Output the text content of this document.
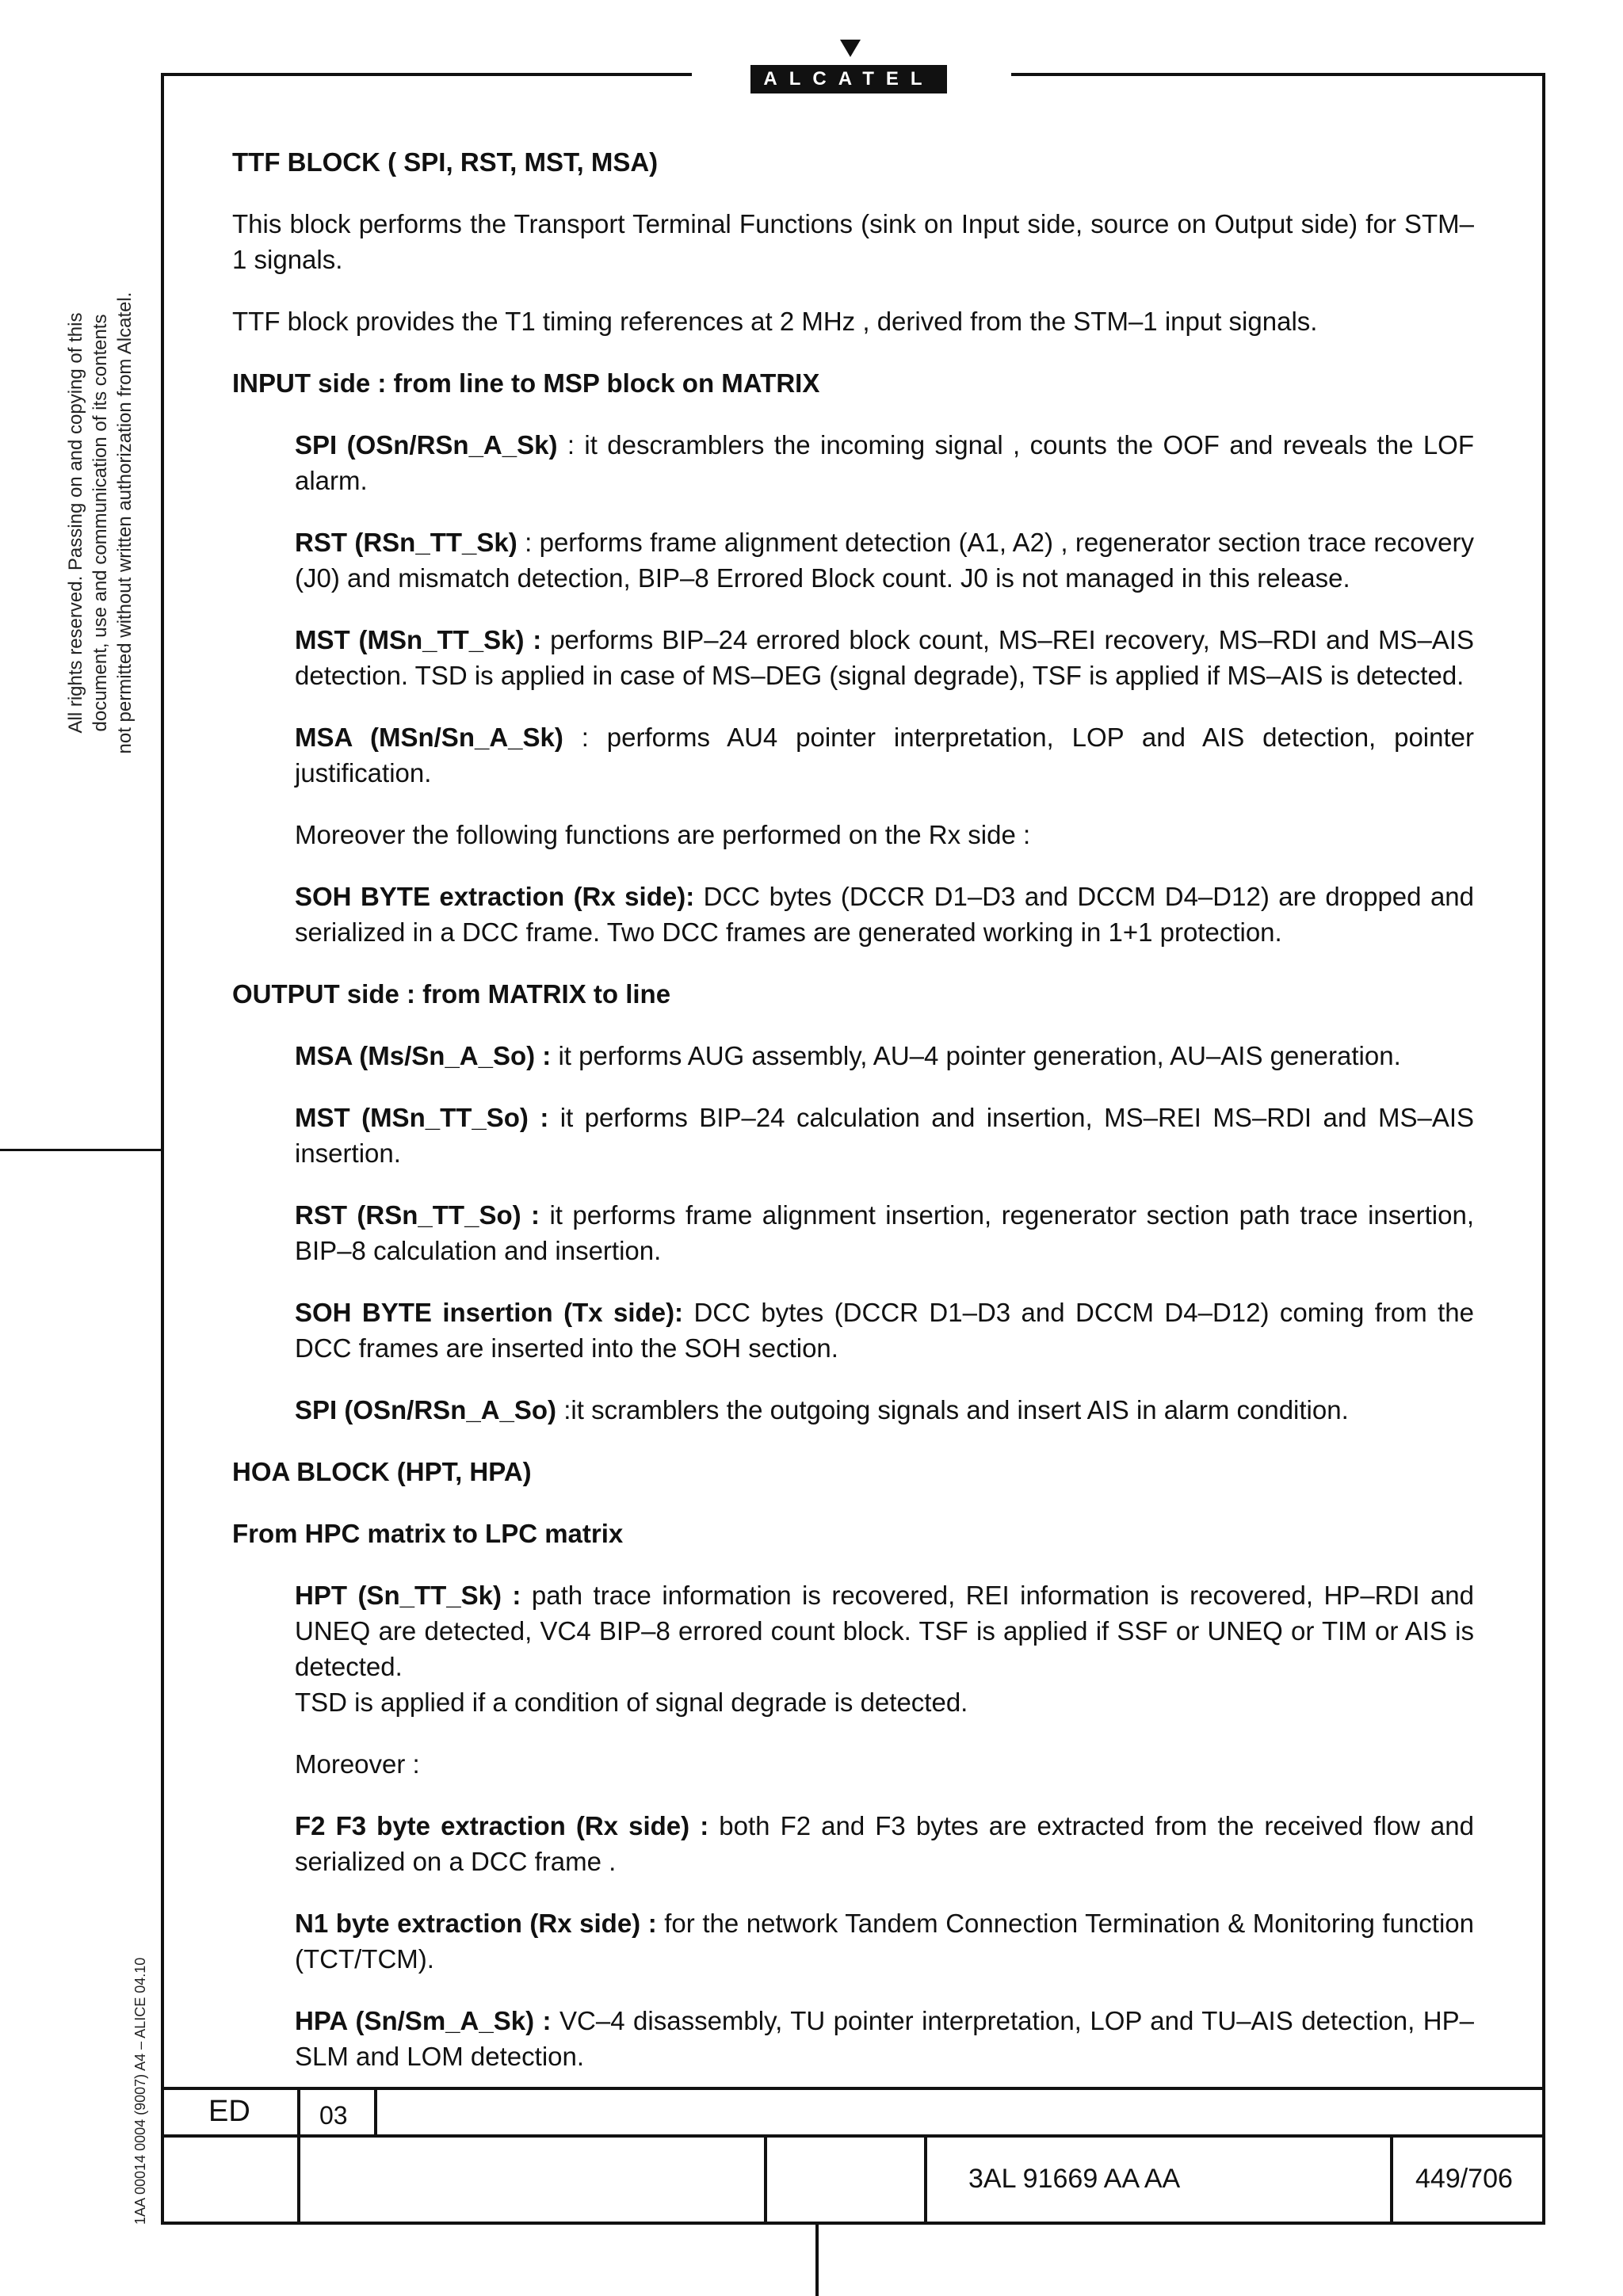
ALCATEL
All rights reserved. Passing on and copying of this document, use and communication of its contents not permitted without written authorization from Alcatel.
1AA 00014 0004 (9007) A4 – ALICE 04.10

TTF BLOCK ( SPI, RST, MST, MSA)

This block performs the Transport Terminal Functions (sink on Input side, source on Output side) for STM–1 signals.

TTF block provides the T1 timing references at 2 MHz , derived from the STM–1 input signals.

INPUT side : from line to MSP block on MATRIX

SPI (OSn/RSn_A_Sk) : it descramblers the incoming signal , counts the OOF and reveals the LOF alarm.

RST (RSn_TT_Sk) : performs frame alignment detection (A1, A2) , regenerator section trace recovery (J0) and mismatch detection, BIP–8 Errored Block count. J0 is not managed in this release.

MST (MSn_TT_Sk) : performs BIP–24 errored block count, MS–REI recovery, MS–RDI and MS–AIS detection. TSD is applied in case of MS–DEG (signal degrade), TSF is applied if MS–AIS is detected.

MSA (MSn/Sn_A_Sk) : performs AU4 pointer interpretation, LOP and AIS detection, pointer justification.

Moreover the following functions are performed on the Rx side :

SOH BYTE extraction (Rx side): DCC bytes (DCCR D1–D3 and DCCM D4–D12) are dropped and serialized in a DCC frame. Two DCC frames are generated working in 1+1 protection.

OUTPUT side : from MATRIX to line

MSA (Ms/Sn_A_So) : it performs AUG assembly, AU–4 pointer generation, AU–AIS generation.

MST (MSn_TT_So) : it performs BIP–24 calculation and insertion, MS–REI MS–RDI and MS–AIS insertion.

RST (RSn_TT_So) : it performs frame alignment insertion, regenerator section path trace insertion, BIP–8 calculation and insertion.

SOH BYTE insertion (Tx side): DCC bytes (DCCR D1–D3 and DCCM D4–D12) coming from the DCC frames are inserted into the SOH section.

SPI (OSn/RSn_A_So) :it scramblers the outgoing signals and insert AIS in alarm condition.

HOA BLOCK (HPT, HPA)

From HPC matrix to LPC matrix

HPT (Sn_TT_Sk) : path trace information is recovered, REI information is recovered, HP–RDI and UNEQ are detected, VC4 BIP–8 errored count block. TSF is applied if SSF or UNEQ or TIM or AIS is detected.
TSD is applied if a condition of signal degrade is detected.

Moreover :

F2 F3 byte extraction (Rx side) : both F2 and F3 bytes are extracted from the received flow and serialized on a DCC frame .

N1 byte extraction (Rx side) : for the network Tandem Connection Termination & Monitoring function (TCT/TCM).

HPA (Sn/Sm_A_Sk) : VC–4 disassembly, TU pointer interpretation, LOP and TU–AIS detection, HP–SLM and LOM detection.

ED	03
3AL 91669 AA AA	449/706
